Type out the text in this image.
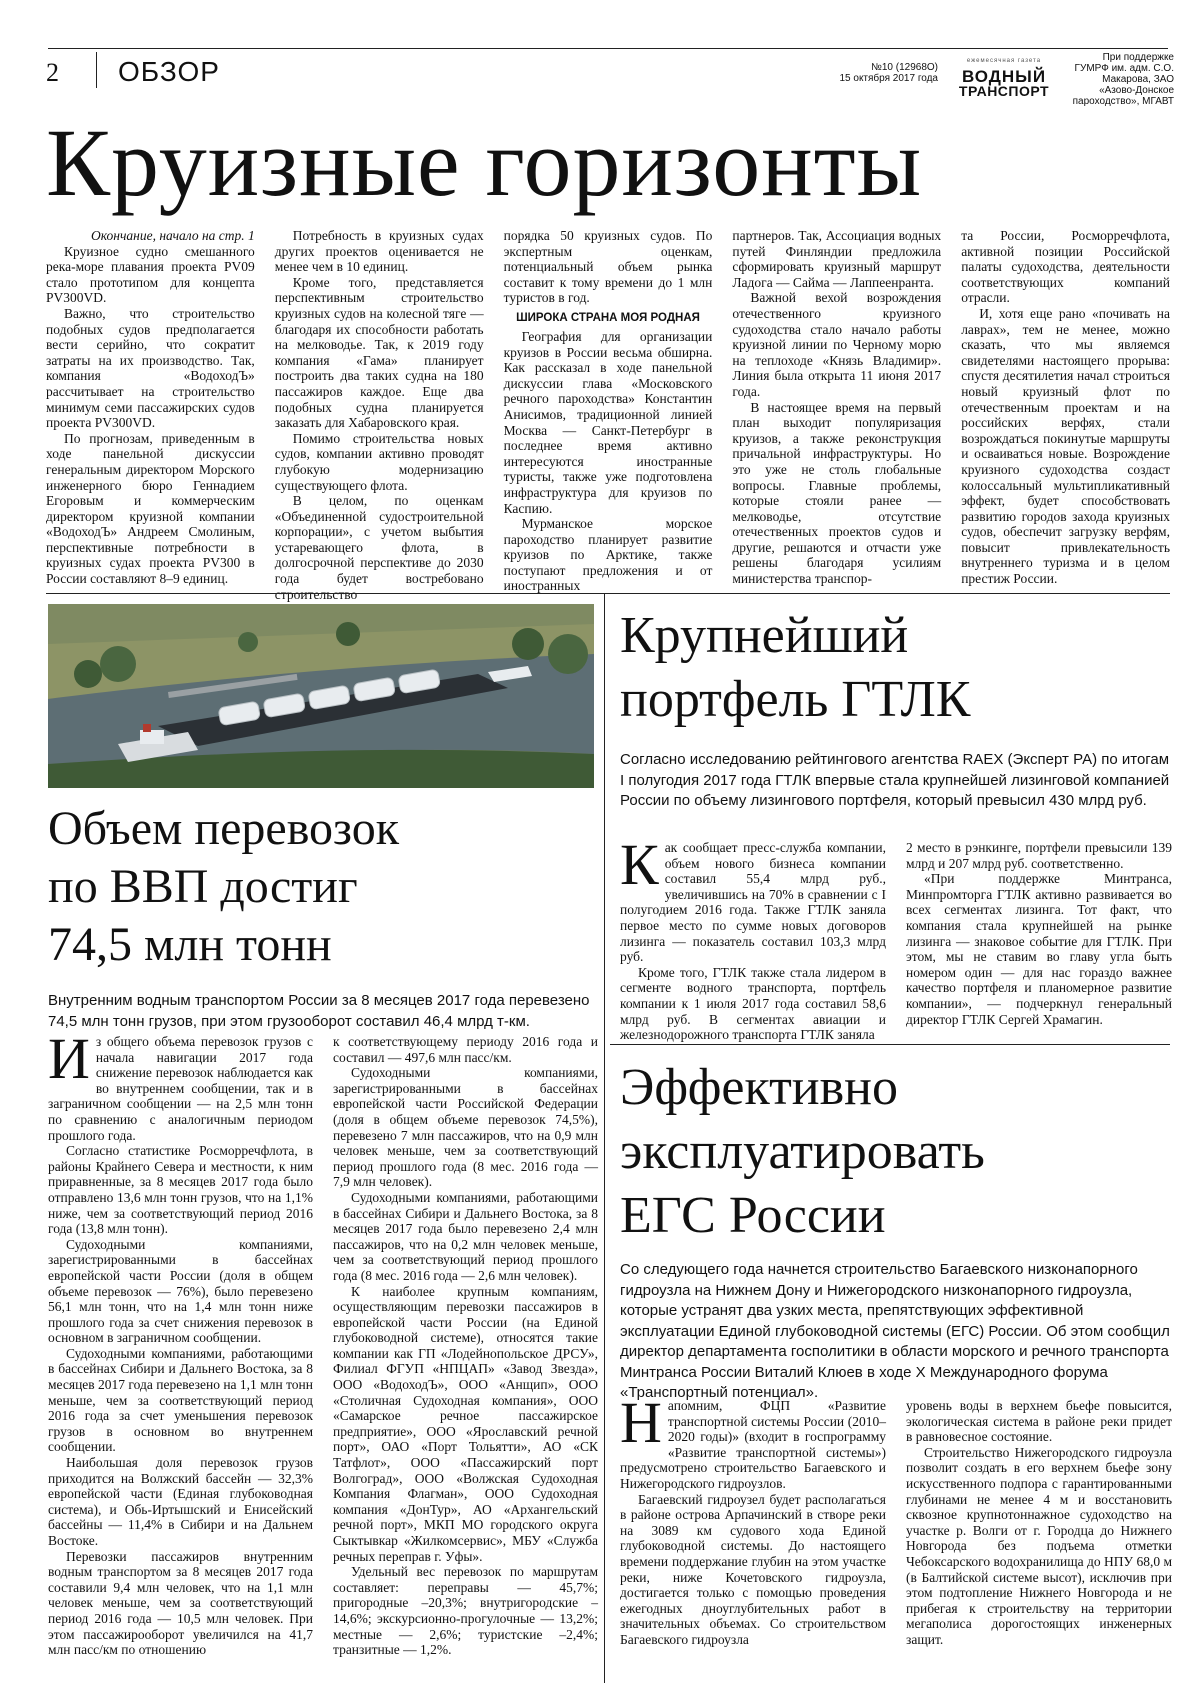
2 ОБЗОР	№10 (12968О)
15 октября 2017 года
ежемесячная газета
ВОДНЫЙ
ТРАНСПОРТ
При поддержке ГУМРФ им. адм. С.О. Макарова, ЗАО «Азово-Донское пароходство», МГАВТ
Круизные горизонты

Окончание, начало на стр. 1

Круизное судно смешанного река-море плавания проекта PV09 стало прототипом для концепта PV300VD.

Важно, что строительство подобных судов предполагается вести серийно, что сократит затраты на их производство. Так, компания «ВодоходЪ» рассчитывает на строительство минимум семи пассажирских судов проекта PV300VD.

По прогнозам, приведенным в ходе панельной дискуссии генеральным директором Морского инженерного бюро Геннадием Егоровым и коммерческим директором круизной компании «ВодоходЪ» Андреем Смолиным, перспективные потребности в круизных судах проекта PV300 в России составляют 8–9 единиц.

Потребность в круизных судах других проектов оценивается не менее чем в 10 единиц.

Кроме того, представляется перспективным строительство круизных судов на колесной тяге — благодаря их способности работать на мелководье. Так, к 2019 году компания «Гама» планирует построить два таких судна на 180 пассажиров каждое. Еще два подобных судна планируется заказать для Хабаровского края.

Помимо строительства новых судов, компании активно проводят глубокую модернизацию существующего флота.

В целом, по оценкам «Объединенной судостроительной корпорации», с учетом выбытия устаревающего флота, в долгосрочной перспективе до 2030 года будет востребовано строительство

порядка 50 круизных судов. По экспертным оценкам, потенциальный объем рынка составит к тому времени до 1 млн туристов в год.

ШИРОКА СТРАНА МОЯ РОДНАЯ

География для организации круизов в России весьма обширна. Как рассказал в ходе панельной дискуссии глава «Московского речного пароходства» Константин Анисимов, традиционной линией Москва — Санкт-Петербург в последнее время активно интересуются иностранные туристы, также уже подготовлена инфраструктура для круизов по Каспию.

Мурманское морское пароходство планирует развитие круизов по Арктике, также поступают предложения и от иностранных

партнеров. Так, Ассоциация водных путей Финляндии предложила сформировать круизный маршрут Ладога — Сайма — Лаппеенранта.

Важной вехой возрождения отечественного круизного судоходства стало начало работы круизной линии по Черному морю на теплоходе «Князь Владимир». Линия была открыта 11 июня 2017 года.

В настоящее время на первый план выходит популяризация круизов, а также реконструкция причальной инфраструктуры. Но это уже не столь глобальные вопросы. Главные проблемы, которые стояли ранее — мелководье, отсутствие отечественных проектов судов и другие, решаются и отчасти уже решены благодаря усилиям министерства транспор-

та России, Росморречфлота, активной позиции Российской палаты судоходства, деятельности соответствующих компаний отрасли.

И, хотя еще рано «почивать на лаврах», тем не менее, можно сказать, что мы являемся свидетелями настоящего прорыва: спустя десятилетия начал строиться новый круизный флот по отечественным проектам и на российских верфях, стали возрождаться покинутые маршруты и осваиваться новые. Возрождение круизного судоходства создаст колоссальный мультипликативный эффект, будет способствовать развитию городов захода круизных судов, обеспечит загрузку верфям, повысит привлекательность внутреннего туризма и в целом престиж России.

Объем перевозок
по ВВП достиг
74,5 млн тонн
Внутренним водным транспортом России за 8 месяцев 2017 года перевезено 74,5 млн тонн грузов, при этом грузооборот составил 46,4 млрд т-км.

Из общего объема перевозок грузов с начала навигации 2017 года снижение перевозок наблюдается как во внутреннем сообщении, так и в заграничном сообщении — на 2,5 млн тонн по сравнению с аналогичным периодом прошлого года.

Согласно статистике Росморречфлота, в районы Крайнего Севера и местности, к ним приравненные, за 8 месяцев 2017 года было отправлено 13,6 млн тонн грузов, что на 1,1% ниже, чем за соответствующий период 2016 года (13,8 млн тонн).

Судоходными компаниями, зарегистрированными в бассейнах европейской части России (доля в общем объеме перевозок — 76%), было перевезено 56,1 млн тонн, что на 1,4 млн тонн ниже прошлого года за счет снижения перевозок в основном в заграничном сообщении.

Судоходными компаниями, работающими в бассейнах Сибири и Дальнего Востока, за 8 месяцев 2017 года перевезено на 1,1 млн тонн меньше, чем за соответствующий период 2016 года за счет уменьшения перевозок грузов в основном во внутреннем сообщении.

Наибольшая доля перевозок грузов приходится на Волжский бассейн — 32,3% европейской части (Единая глубоководная система), и Обь-Иртышский и Енисейский бассейны — 11,4% в Сибири и на Дальнем Востоке.

Перевозки пассажиров внутренним водным транспортом за 8 месяцев 2017 года составили 9,4 млн человек, что на 1,1 млн человек меньше, чем за соответствующий период 2016 года — 10,5 млн человек. При этом пассажирооборот увеличился на 41,7 млн пасс/км по отношению

к соответствующему периоду 2016 года и составил — 497,6 млн пасс/км.

Судоходными компаниями, зарегистрированными в бассейнах европейской части Российской Федерации (доля в общем объеме перевозок 74,5%), перевезено 7 млн пассажиров, что на 0,9 млн человек меньше, чем за соответствующий период прошлого года (8 мес. 2016 года — 7,9 млн человек).

Судоходными компаниями, работающими в бассейнах Сибири и Дальнего Востока, за 8 месяцев 2017 года было перевезено 2,4 млн пассажиров, что на 0,2 млн человек меньше, чем за соответствующий период прошлого года (8 мес. 2016 года — 2,6 млн человек).

К наиболее крупным компаниям, осуществляющим перевозки пассажиров в европейской части России (на Единой глубоководной системе), относятся такие компании как ГП «Лодейнопольское ДРСУ», Филиал ФГУП «НПЦАП» «Завод Звезда», ООО «ВодоходЪ», ООО «Анщип», ООО «Столичная Судоходная компания», ООО «Самарское речное пассажирское предприятие», ООО «Ярославский речной порт», ОАО «Порт Тольятти», АО «СК Татфлот», ООО «Пассажирский порт Волгоград», ООО «Волжская Судоходная Компания Флагман», ООО Судоходная компания «ДонТур», АО «Архангельский речной порт», МКП МО городского округа Сыктывкар «Жилкомсервис», МБУ «Служба речных переправ г. Уфы».

Удельный вес перевозок по маршрутам составляет: переправы — 45,7%; пригородные –20,3%; внутригородские –14,6%; экскурсионно-прогулочные — 13,2%; местные — 2,6%; туристские –2,4%; транзитные — 1,2%.

Крупнейший
портфель ГТЛК
Согласно исследованию рейтингового агентства RAEX (Эксперт РА) по итогам I полугодия 2017 года ГТЛК впервые стала крупнейшей лизинговой компанией России по объему лизингового портфеля, который превысил 430 млрд руб.

Как сообщает пресс-служба компании, объем нового бизнеса компании составил 55,4 млрд руб., увеличившись на 70% в сравнении с I полугодием 2016 года. Также ГТЛК заняла первое место по сумме новых договоров лизинга — показатель составил 103,3 млрд руб.

Кроме того, ГТЛК также стала лидером в сегменте водного транспорта, портфель компании к 1 июля 2017 года составил 58,6 млрд руб. В сегментах авиации и железнодорожного транспорта ГТЛК заняла

2 место в рэнкинге, портфели превысили 139 млрд и 207 млрд руб. соответственно.

«При поддержке Минтранса, Минпромторга ГТЛК активно развивается во всех сегментах лизинга. Тот факт, что компания стала крупнейшей на рынке лизинга — знаковое событие для ГТЛК. При этом, мы не ставим во главу угла быть номером один — для нас гораздо важнее качество портфеля и планомерное развитие компании», — подчеркнул генеральный директор ГТЛК Сергей Храмагин.

Эффективно
эксплуатировать
ЕГС России
Со следующего года начнется строительство Багаевского низконапорного гидроузла на Нижнем Дону и Нижегородского низконапорного гидроузла, которые устранят два узких места, препятствующих эффективной эксплуатации Единой глубоководной системы (ЕГС) России. Об этом сообщил директор департамента госполитики в области морского и речного транспорта Минтранса России Виталий Клюев в ходе X Международного форума «Транспортный потенциал».

Напомним, ФЦП «Развитие транспортной системы России (2010–2020 годы)» (входит в госпрограмму «Развитие транспортной системы») предусмотрено строительство Багаевского и Нижегородского гидроузлов.

Багаевский гидроузел будет располагаться в районе острова Арпачинский в створе реки на 3089 км судового хода Единой глубоководной системы. До настоящего времени поддержание глубин на этом участке реки, ниже Кочетовского гидроузла, достигается только с помощью проведения ежегодных дноуглубительных работ в значительных объемах. Со строительством Багаевского гидроузла

уровень воды в верхнем бьефе повысится, экологическая система в районе реки придет в равновесное состояние.

Строительство Нижегородского гидроузла позволит создать в его верхнем бьефе зону искусственного подпора с гарантированными глубинами не менее 4 м и восстановить сквозное крупнотоннажное судоходство на участке р. Волги от г. Городца до Нижнего Новгорода без подъема отметки Чебоксарского водохранилища до НПУ 68,0 м (в Балтийской системе высот), исключив при этом подтопление Нижнего Новгорода и не прибегая к строительству на территории мегаполиса дорогостоящих инженерных защит.
